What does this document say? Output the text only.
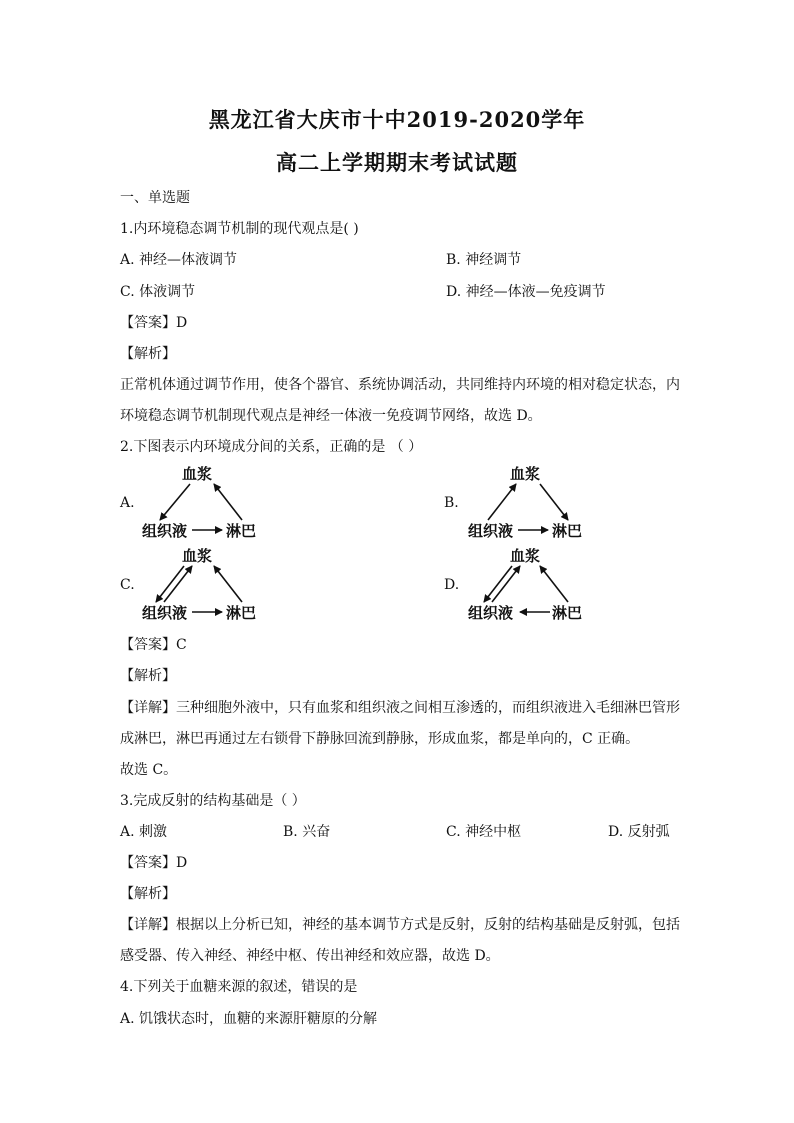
黑龙江省大庆市十中2019-2020学年
高二上学期期末考试试题
一、单选题
1.内环境稳态调节机制的现代观点是( )
A. 神经—体液调节	B. 神经调节
C. 体液调节	D. 神经—体液—免疫调节
【答案】D
【解析】
正常机体通过调节作用，使各个器官、系统协调活动，共同维持内环境的相对稳定状态，内
环境稳态调节机制现代观点是神经一体液一免疫调节网络，故选 D。
2.下图表示内环境成分间的关系，正确的是 （ ）
A.	B.
C.	D.
血浆
组织液	淋巴
血浆
组织液	淋巴
血浆
组织液	淋巴
血浆
组织液	淋巴
【答案】C
【解析】
【详解】三种细胞外液中，只有血浆和组织液之间相互渗透的，而组织液进入毛细淋巴管形
成淋巴，淋巴再通过左右锁骨下静脉回流到静脉，形成血浆，都是单向的，C 正确。
故选 C。
3.完成反射的结构基础是（ ）
A. 刺激	B. 兴奋	C. 神经中枢	D. 反射弧
【答案】D
【解析】
【详解】根据以上分析已知，神经的基本调节方式是反射，反射的结构基础是反射弧，包括
感受器、传入神经、神经中枢、传出神经和效应器，故选 D。
4.下列关于血糖来源的叙述，错误的是
A. 饥饿状态时，血糖的来源肝糖原的分解
